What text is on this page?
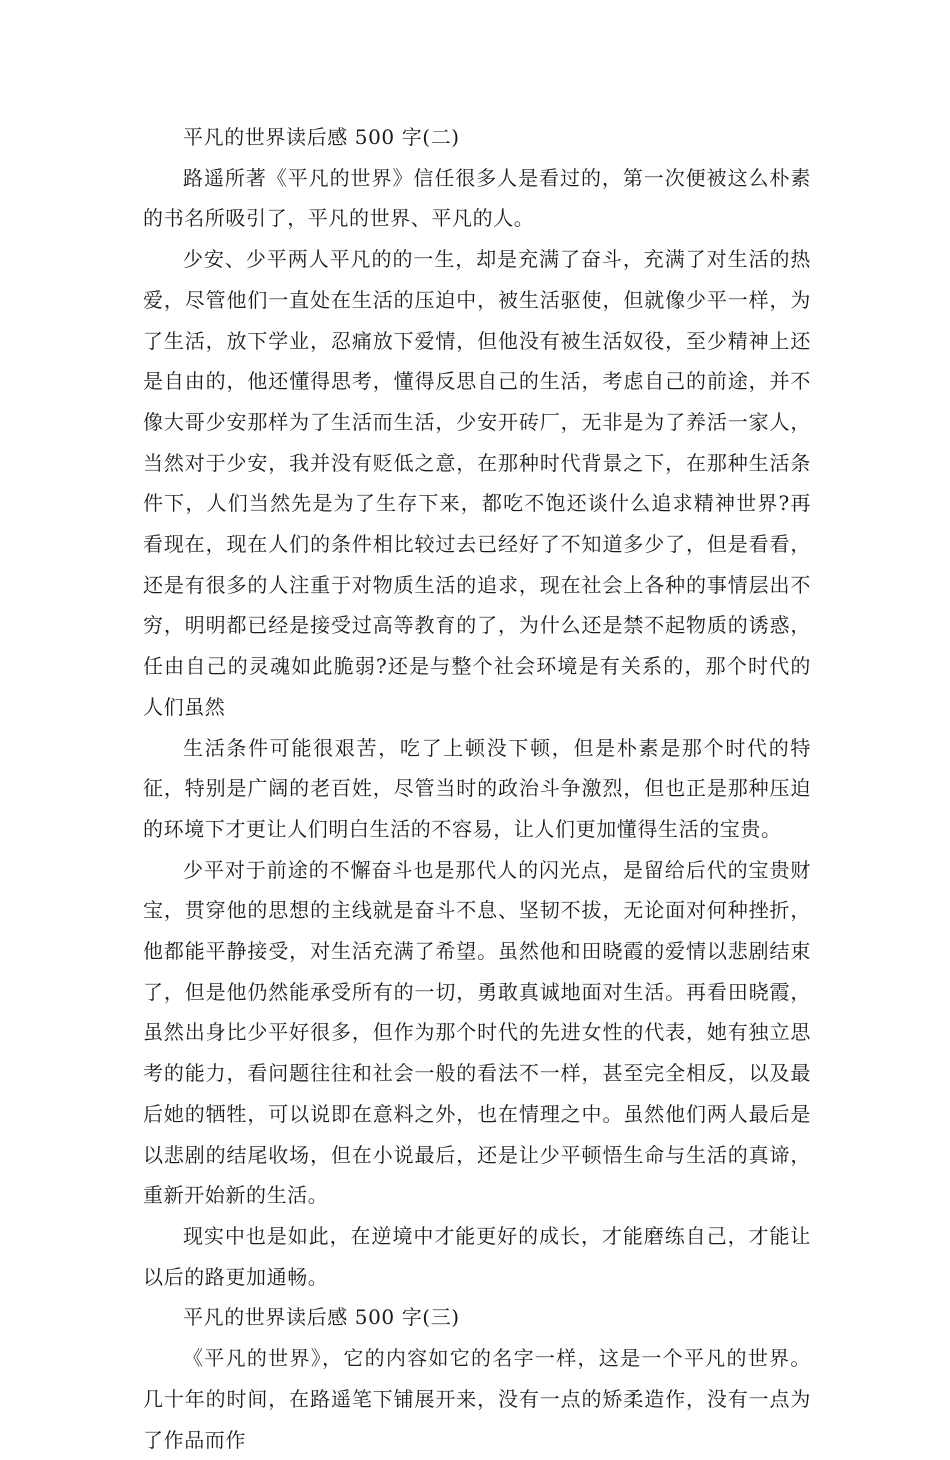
平凡的世界读后感 500 字(二)

路遥所著《平凡的世界》信任很多人是看过的，第一次便被这么朴素的书名所吸引了，平凡的世界、平凡的人。

少安、少平两人平凡的的一生，却是充满了奋斗，充满了对生活的热爱，尽管他们一直处在生活的压迫中，被生活驱使，但就像少平一样，为了生活，放下学业，忍痛放下爱情，但他没有被生活奴役，至少精神上还是自由的，他还懂得思考，懂得反思自己的生活，考虑自己的前途，并不像大哥少安那样为了生活而生活，少安开砖厂，无非是为了养活一家人，当然对于少安，我并没有贬低之意，在那种时代背景之下，在那种生活条件下，人们当然先是为了生存下来，都吃不饱还谈什么追求精神世界?再看现在，现在人们的条件相比较过去已经好了不知道多少了，但是看看，还是有很多的人注重于对物质生活的追求，现在社会上各种的事情层出不穷，明明都已经是接受过高等教育的了，为什么还是禁不起物质的诱惑，任由自己的灵魂如此脆弱?还是与整个社会环境是有关系的，那个时代的人们虽然

生活条件可能很艰苦，吃了上顿没下顿，但是朴素是那个时代的特征，特别是广阔的老百姓，尽管当时的政治斗争激烈，但也正是那种压迫的环境下才更让人们明白生活的不容易，让人们更加懂得生活的宝贵。

少平对于前途的不懈奋斗也是那代人的闪光点，是留给后代的宝贵财宝，贯穿他的思想的主线就是奋斗不息、坚韧不拔，无论面对何种挫折，他都能平静接受，对生活充满了希望。虽然他和田晓霞的爱情以悲剧结束了，但是他仍然能承受所有的一切，勇敢真诚地面对生活。再看田晓霞，虽然出身比少平好很多，但作为那个时代的先进女性的代表，她有独立思考的能力，看问题往往和社会一般的看法不一样，甚至完全相反，以及最后她的牺牲，可以说即在意料之外，也在情理之中。虽然他们两人最后是以悲剧的结尾收场，但在小说最后，还是让少平顿悟生命与生活的真谛，重新开始新的生活。

现实中也是如此，在逆境中才能更好的成长，才能磨练自己，才能让以后的路更加通畅。

平凡的世界读后感 500 字(三)

《平凡的世界》，它的内容如它的名字一样，这是一个平凡的世界。几十年的时间，在路遥笔下铺展开来，没有一点的矫柔造作，没有一点为了作品而作
